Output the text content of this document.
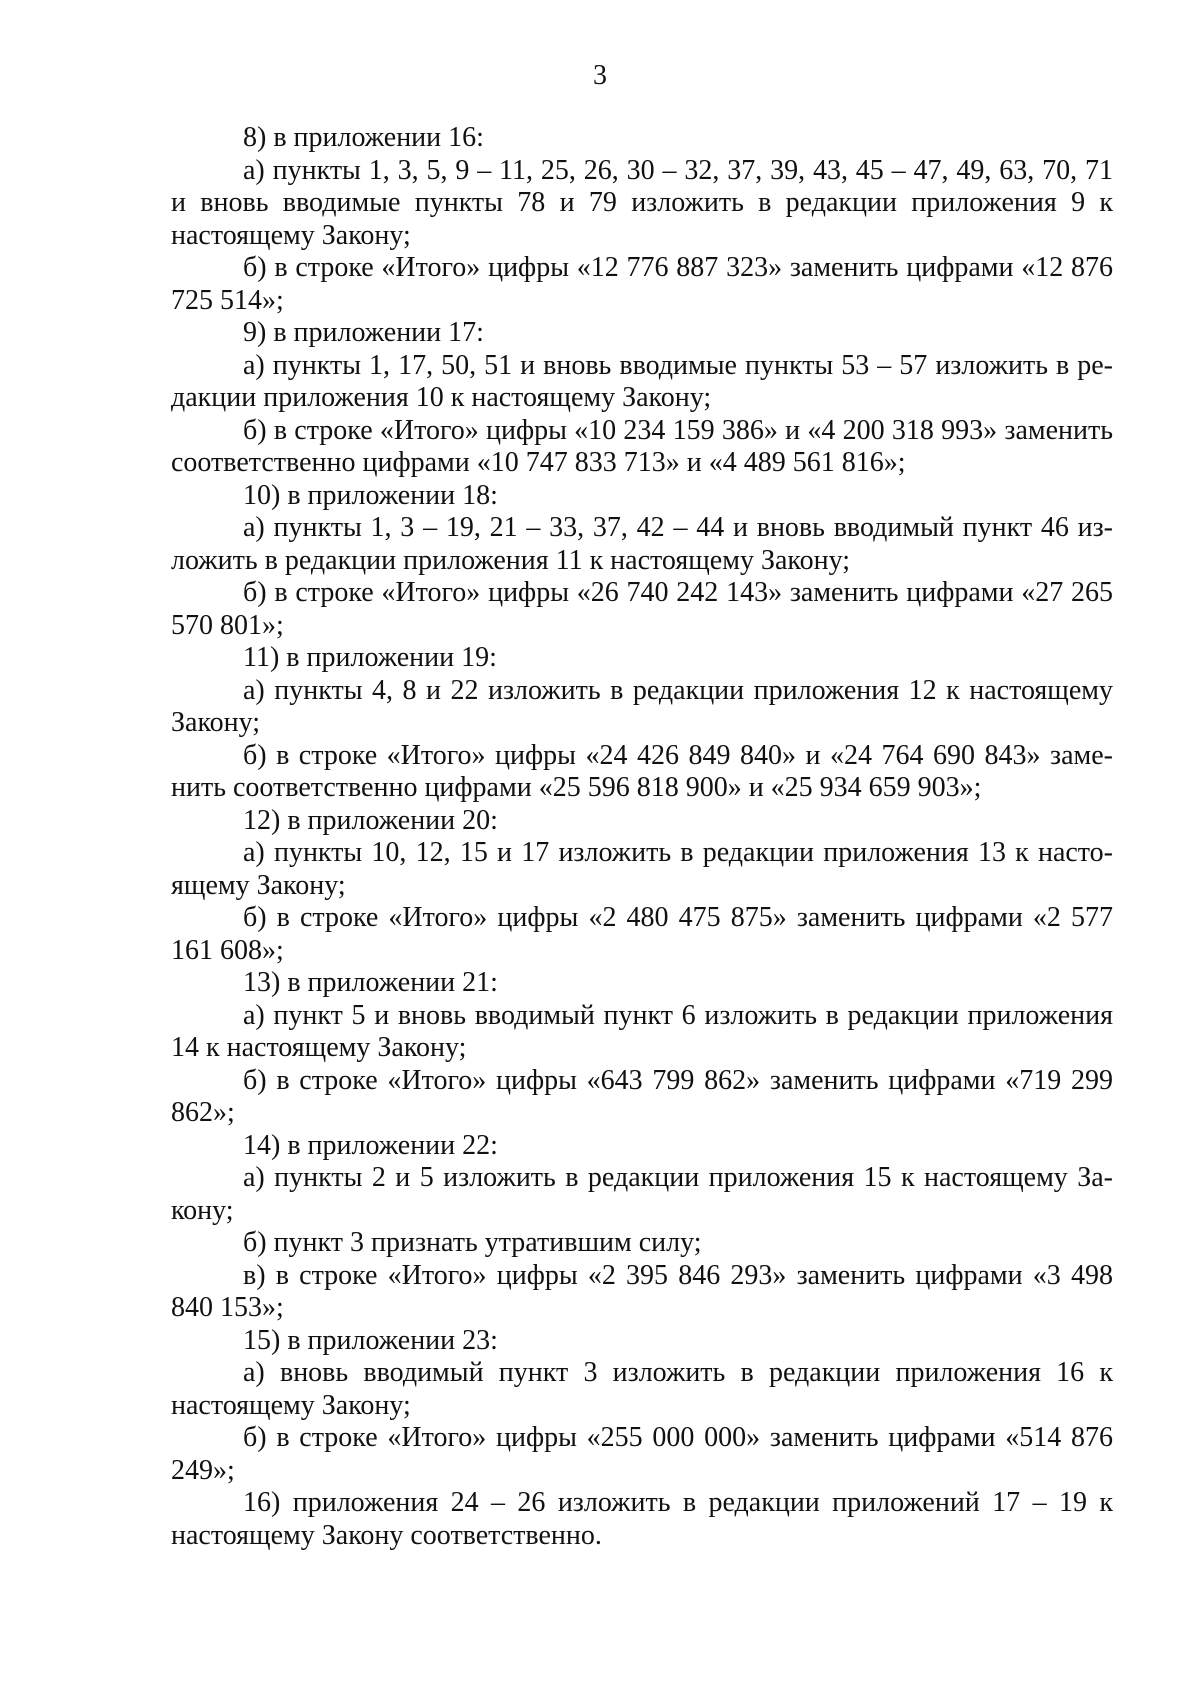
3

8) в приложении 16:

а) пункты 1, 3, 5, 9 – 11, 25, 26, 30 – 32, 37, 39, 43, 45 – 47, 49, 63, 70, 71 и вновь вводимые пункты 78 и 79 изложить в редакции приложения 9 к настоящему Закону;

б) в строке «Итого» цифры «12 776 887 323» заменить цифрами «12 876 725 514»;

9) в приложении 17:

а) пункты 1, 17, 50, 51 и вновь вводимые пункты 53 – 57 изложить в редакции приложения 10 к настоящему Закону;

б) в строке «Итого» цифры «10 234 159 386» и «4 200 318 993» заменить соответственно цифрами «10 747 833 713» и «4 489 561 816»;

10) в приложении 18:

а) пункты 1, 3 – 19, 21 – 33, 37, 42 – 44 и вновь вводимый пункт 46 изложить в редакции приложения 11 к настоящему Закону;

б) в строке «Итого» цифры «26 740 242 143» заменить цифрами «27 265 570 801»;

11) в приложении 19:

а) пункты 4, 8 и 22 изложить в редакции приложения 12 к настоящему Закону;

б) в строке «Итого» цифры «24 426 849 840» и «24 764 690 843» заменить соответственно цифрами «25 596 818 900» и «25 934 659 903»;

12) в приложении 20:

а) пункты 10, 12, 15 и 17 изложить в редакции приложения 13 к настоящему Закону;

б) в строке «Итого» цифры «2 480 475 875» заменить цифрами «2 577 161 608»;

13) в приложении 21:

а) пункт 5 и вновь вводимый пункт 6 изложить в редакции приложения 14 к настоящему Закону;

б) в строке «Итого» цифры «643 799 862» заменить цифрами «719 299 862»;

14) в приложении 22:

а) пункты 2 и 5 изложить в редакции приложения 15 к настоящему Закону;

б) пункт 3 признать утратившим силу;

в) в строке «Итого» цифры «2 395 846 293» заменить цифрами «3 498 840 153»;

15) в приложении 23:

а) вновь вводимый пункт 3 изложить в редакции приложения 16 к настоящему Закону;

б) в строке «Итого» цифры «255 000 000» заменить цифрами «514 876 249»;

16) приложения 24 – 26 изложить в редакции приложений 17 – 19 к настоящему Закону соответственно.
